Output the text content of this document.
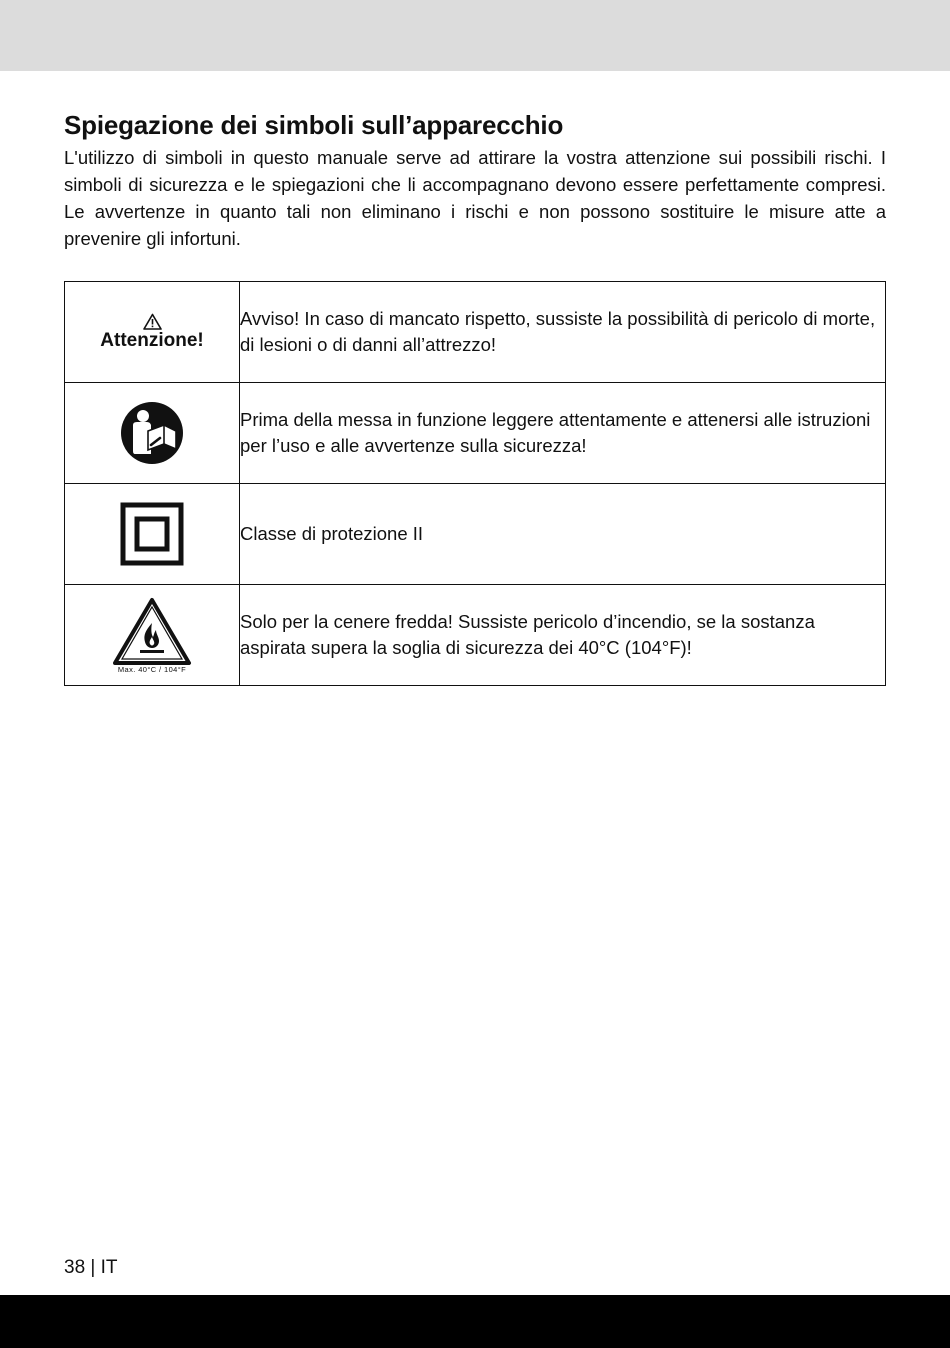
Spiegazione dei simboli sull’apparecchio

L'utilizzo di simboli in questo manuale serve ad attirare la vostra attenzione sui possibili rischi. I simboli di sicurezza e le spiegazioni che li accompagnano devono essere perfettamente compresi. Le avvertenze in quanto tali non eliminano i rischi e non possono sostituire le misure atte a prevenire gli infortuni.

Attenzione!	Avviso! In caso di mancato rispetto, sussiste la possibilità di pericolo di morte, di lesioni o di danni all’attrezzo!

	Prima della messa in funzione leggere attentamente e attenersi alle istruzioni per l’uso e alle avvertenze sulla sicurezza!

	Classe di protezione II

Max. 40°C / 104°F	Solo per la cenere fredda! Sussiste pericolo d’incendio, se la sostanza aspirata supera la soglia di sicurezza dei 40°C (104°F)!
38 | IT
